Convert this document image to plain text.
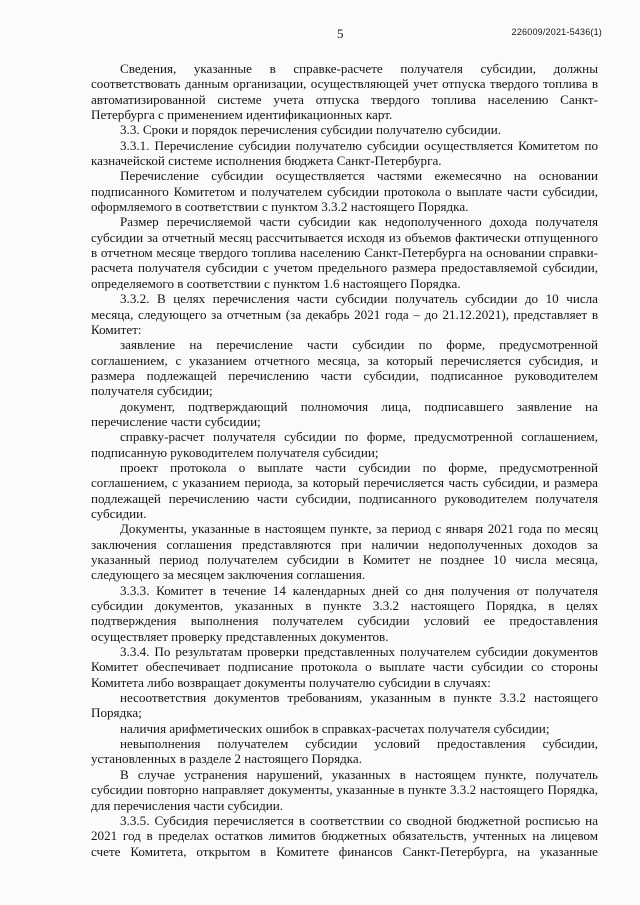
5	226009/2021-5436(1)

Сведения, указанные в справке-расчете получателя субсидии, должны соответствовать данным организации, осуществляющей учет отпуска твердого топлива в автоматизированной системе учета отпуска твердого топлива населению Санкт-Петербурга с применением идентификационных карт.

3.3. Сроки и порядок перечисления субсидии получателю субсидии.

3.3.1. Перечисление субсидии получателю субсидии осуществляется Комитетом по казначейской системе исполнения бюджета Санкт-Петербурга.

Перечисление субсидии осуществляется частями ежемесячно на основании подписанного Комитетом и получателем субсидии протокола о выплате части субсидии, оформляемого в соответствии с пунктом 3.3.2 настоящего Порядка.

Размер перечисляемой части субсидии как недополученного дохода получателя субсидии за отчетный месяц рассчитывается исходя из объемов фактически отпущенного в отчетном месяце твердого топлива населению Санкт-Петербурга на основании справки-расчета получателя субсидии с учетом предельного размера предоставляемой субсидии, определяемого в соответствии с пунктом 1.6 настоящего Порядка.

3.3.2. В целях перечисления части субсидии получатель субсидии до 10 числа месяца, следующего за отчетным (за декабрь 2021 года – до 21.12.2021), представляет в Комитет:

заявление на перечисление части субсидии по форме, предусмотренной соглашением, с указанием отчетного месяца, за который перечисляется субсидия, и размера подлежащей перечислению части субсидии, подписанное руководителем получателя субсидии;

документ, подтверждающий полномочия лица, подписавшего заявление на перечисление части субсидии;

справку-расчет получателя субсидии по форме, предусмотренной соглашением, подписанную руководителем получателя субсидии;

проект протокола о выплате части субсидии по форме, предусмотренной соглашением, с указанием периода, за который перечисляется часть субсидии, и размера подлежащей перечислению части субсидии, подписанного руководителем получателя субсидии.

Документы, указанные в настоящем пункте, за период с января 2021 года по месяц заключения соглашения представляются при наличии недополученных доходов за указанный период получателем субсидии в Комитет не позднее 10 числа месяца, следующего за месяцем заключения соглашения.

3.3.3. Комитет в течение 14 календарных дней со дня получения от получателя субсидии документов, указанных в пункте 3.3.2 настоящего Порядка, в целях подтверждения выполнения получателем субсидии условий ее предоставления осуществляет проверку представленных документов.

3.3.4. По результатам проверки представленных получателем субсидии документов Комитет обеспечивает подписание протокола о выплате части субсидии со стороны Комитета либо возвращает документы получателю субсидии в случаях:

несоответствия документов требованиям, указанным в пункте 3.3.2 настоящего Порядка;

наличия арифметических ошибок в справках-расчетах получателя субсидии;

невыполнения получателем субсидии условий предоставления субсидии, установленных в разделе 2 настоящего Порядка.

В случае устранения нарушений, указанных в настоящем пункте, получатель субсидии повторно направляет документы, указанные в пункте 3.3.2 настоящего Порядка, для перечисления части субсидии.

3.3.5. Субсидия перечисляется в соответствии со сводной бюджетной росписью на 2021 год в пределах остатков лимитов бюджетных обязательств, учтенных на лицевом счете Комитета, открытом в Комитете финансов Санкт-Петербурга, на указанные
